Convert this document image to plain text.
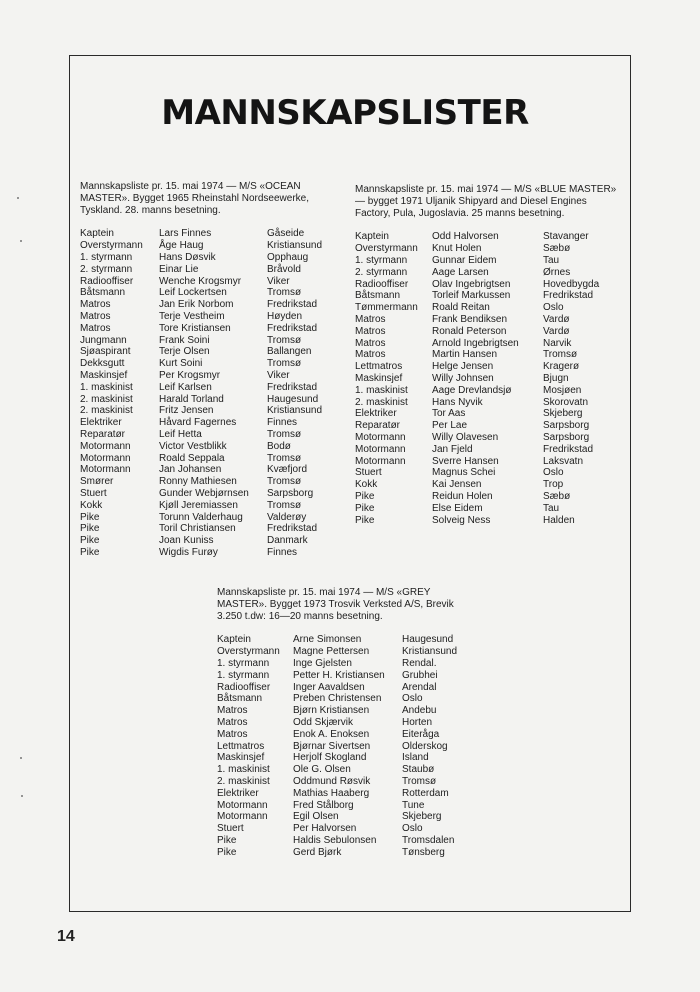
MANNSKAPSLISTER
Mannskapsliste pr. 15. mai 1974 — M/S «OCEAN MASTER». Bygget 1965 Rheinstahl Nordseewerke, Tyskland. 28. manns besetning.
Kaptein
Overstyrmann
1. styrmann
2. styrmann
Radiooffiser
Båtsmann
Matros
Matros
Matros
Jungmann
Sjøaspirant
Dekksgutt
Maskinsjef
1. maskinist
2. maskinist
2. maskinist
Elektriker
Reparatør
Motormann
Motormann
Motormann
Smører
Stuert
Kokk
Pike
Pike
Pike
Pike
Lars Finnes
Åge Haug
Hans Døsvik
Einar Lie
Wenche Krogsmyr
Leif Lockertsen
Jan Erik Norbom
Terje Vestheim
Tore Kristiansen
Frank Soini
Terje Olsen
Kurt Soini
Per Krogsmyr
Leif Karlsen
Harald Torland
Fritz Jensen
Håvard Fagernes
Leif Hetta
Victor Vestblikk
Roald Seppala
Jan Johansen
Ronny Mathiesen
Gunder Webjørnsen
Kjøll Jeremiassen
Torunn Valderhaug
Toril Christiansen
Joan Kuniss
Wigdis Furøy
Gåseide
Kristiansund
Opphaug
Bråvold
Viker
Tromsø
Fredrikstad
Høyden
Fredrikstad
Tromsø
Ballangen
Tromsø
Viker
Fredrikstad
Haugesund
Kristiansund
Finnes
Tromsø
Bodø
Tromsø
Kvæfjord
Tromsø
Sarpsborg
Tromsø
Valderøy
Fredrikstad
Danmark
Finnes
Mannskapsliste pr. 15. mai 1974 — M/S «BLUE MASTER» — bygget 1971 Uljanik Shipyard and Diesel Engines Factory, Pula, Jugoslavia. 25 manns besetning.
Kaptein
Overstyrmann
1. styrmann
2. styrmann
Radiooffiser
Båtsmann
Tømmermann
Matros
Matros
Matros
Matros
Lettmatros
Maskinsjef
1. maskinist
2. maskinist
Elektriker
Reparatør
Motormann
Motormann
Motormann
Stuert
Kokk
Pike
Pike
Pike
Odd Halvorsen
Knut Holen
Gunnar Eidem
Aage Larsen
Olav Ingebrigtsen
Torleif Markussen
Roald Reitan
Frank Bendiksen
Ronald Peterson
Arnold Ingebrigtsen
Martin Hansen
Helge Jensen
Willy Johnsen
Aage Drevlandsjø
Hans Nyvik
Tor Aas
Per Lae
Willy Olavesen
Jan Fjeld
Sverre Hansen
Magnus Schei
Kai Jensen
Reidun Holen
Else Eidem
Solveig Ness
Stavanger
Sæbø
Tau
Ørnes
Hovedbygda
Fredrikstad
Oslo
Vardø
Vardø
Narvik
Tromsø
Kragerø
Bjugn
Mosjøen
Skorovatn
Skjeberg
Sarpsborg
Sarpsborg
Fredrikstad
Laksvatn
Oslo
Trop
Sæbø
Tau
Halden
Mannskapsliste pr. 15. mai 1974 — M/S «GREY MASTER». Bygget 1973 Trosvik Verksted A/S, Brevik 3.250 t.dw: 16—20 manns besetning.
Kaptein
Overstyrmann
1. styrmann
1. styrmann
Radiooffiser
Båtsmann
Matros
Matros
Matros
Lettmatros
Maskinsjef
1. maskinist
2. maskinist
Elektriker
Motormann
Motormann
Stuert
Pike
Pike
Arne Simonsen
Magne Pettersen
Inge Gjelsten
Petter H. Kristiansen
Inger Aavaldsen
Preben Christensen
Bjørn Kristiansen
Odd Skjærvik
Enok A. Enoksen
Bjørnar Sivertsen
Herjolf Skogland
Ole G. Olsen
Oddmund Røsvik
Mathias Haaberg
Fred Stålborg
Egil Olsen
Per Halvorsen
Haldis Sebulonsen
Gerd Bjørk
Haugesund
Kristiansund
Rendal.
Grubhei
Arendal
Oslo
Andebu
Horten
Eiteråga
Olderskog
Island
Staubø
Tromsø
Rotterdam
Tune
Skjeberg
Oslo
Tromsdalen
Tønsberg
14
